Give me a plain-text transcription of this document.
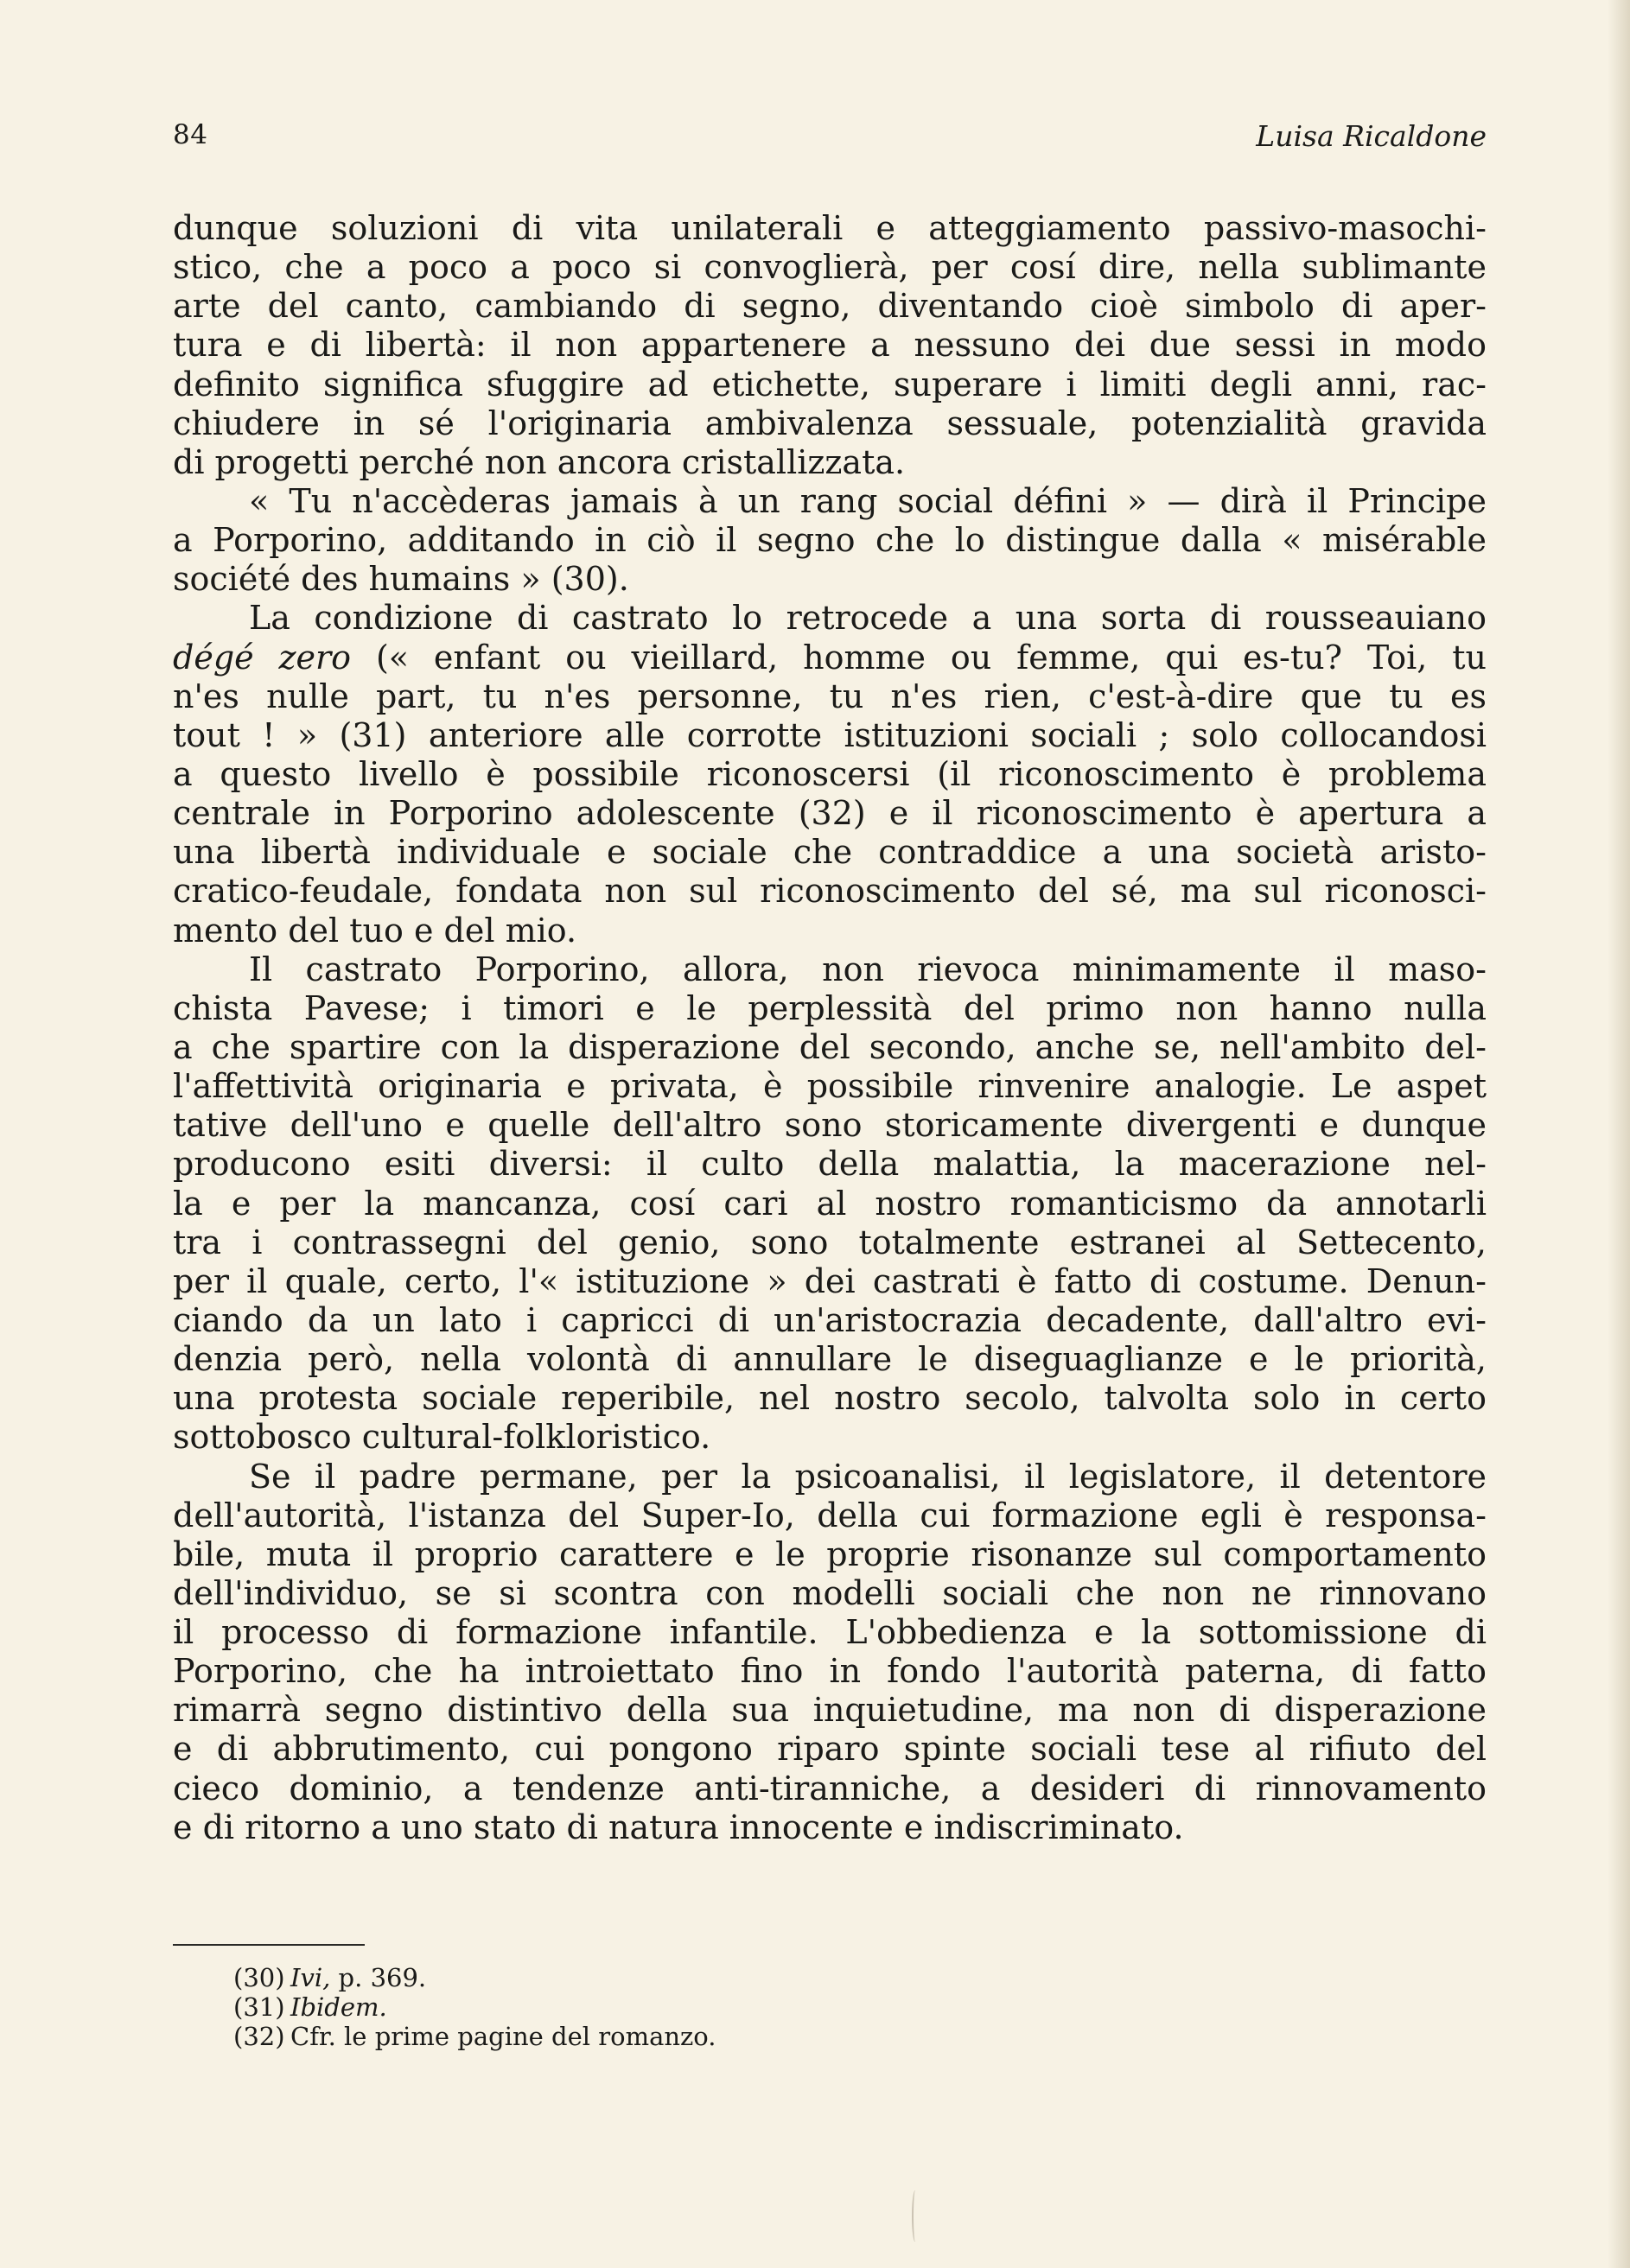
84	Luisa Ricaldone
dunque soluzioni di vita unilaterali e atteggiamento passivo-masochi-
stico, che a poco a poco si convoglierà, per cosí dire, nella sublimante
arte del canto, cambiando di segno, diventando cioè simbolo di aper-
tura e di libertà: il non appartenere a nessuno dei due sessi in modo
definito significa sfuggire ad etichette, superare i limiti degli anni, rac-
chiudere in sé l'originaria ambivalenza sessuale, potenzialità gravida
di progetti perché non ancora cristallizzata.
« Tu n'accèderas jamais à un rang social défini » — dirà il Principe
a Porporino, additando in ciò il segno che lo distingue dalla « misérable
société des humains » (30).
La condizione di castrato lo retrocede a una sorta di rousseauiano
dégé zero (« enfant ou vieillard, homme ou femme, qui es-tu? Toi, tu
n'es nulle part, tu n'es personne, tu n'es rien, c'est-à-dire que tu es
tout ! » (31) anteriore alle corrotte istituzioni sociali ; solo collocandosi
a questo livello è possibile riconoscersi (il riconoscimento è problema
centrale in Porporino adolescente (32) e il riconoscimento è apertura a
una libertà individuale e sociale che contraddice a una società aristo-
cratico-feudale, fondata non sul riconoscimento del sé, ma sul riconosci-
mento del tuo e del mio.
Il castrato Porporino, allora, non rievoca minimamente il maso-
chista Pavese; i timori e le perplessità del primo non hanno nulla
a che spartire con la disperazione del secondo, anche se, nell'ambito del-
l'affettività originaria e privata, è possibile rinvenire analogie. Le aspet
tative dell'uno e quelle dell'altro sono storicamente divergenti e dunque
producono esiti diversi: il culto della malattia, la macerazione nel-
la e per la mancanza, cosí cari al nostro romanticismo da annotarli
tra i contrassegni del genio, sono totalmente estranei al Settecento,
per il quale, certo, l'« istituzione » dei castrati è fatto di costume. Denun-
ciando da un lato i capricci di un'aristocrazia decadente, dall'altro evi-
denzia però, nella volontà di annullare le diseguaglianze e le priorità,
una protesta sociale reperibile, nel nostro secolo, talvolta solo in certo
sottobosco cultural-folkloristico.
Se il padre permane, per la psicoanalisi, il legislatore, il detentore
dell'autorità, l'istanza del Super-Io, della cui formazione egli è responsa-
bile, muta il proprio carattere e le proprie risonanze sul comportamento
dell'individuo, se si scontra con modelli sociali che non ne rinnovano
il processo di formazione infantile. L'obbedienza e la sottomissione di
Porporino, che ha introiettato fino in fondo l'autorità paterna, di fatto
rimarrà segno distintivo della sua inquietudine, ma non di disperazione
e di abbrutimento, cui pongono riparo spinte sociali tese al rifiuto del
cieco dominio, a tendenze anti-tiranniche, a desideri di rinnovamento
e di ritorno a uno stato di natura innocente e indiscriminato.
(30) Ivi, p. 369.
(31) Ibidem.
(32) Cfr. le prime pagine del romanzo.
